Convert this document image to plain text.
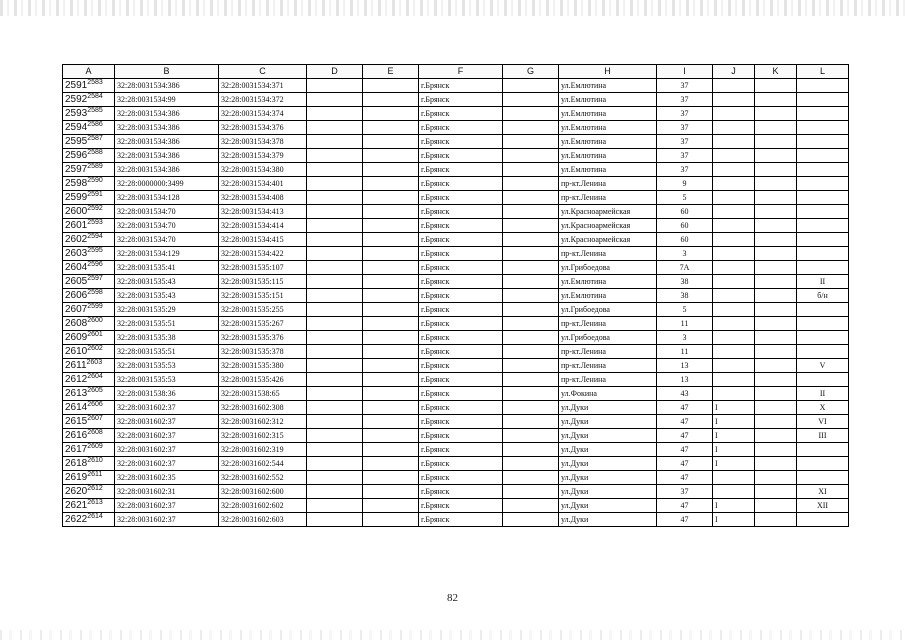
A	B	C	D	E	F	G	H	I	J	K	L
$2591^{2583}$	32:28:0031534:386	32:28:0031534:371			г.Брянск		ул.Емлютина	37			
$2592^{2584}$	32:28:0031534:99	32:28:0031534:372			г.Брянск		ул.Емлютина	37			
$2593^{2585}$	32:28:0031534:386	32:28:0031534:374			г.Брянск		ул.Емлютина	37			
$2594^{2586}$	32:28:0031534:386	32:28:0031534:376			г.Брянск		ул.Емлютина	37			
$2595^{2587}$	32:28:0031534:386	32:28:0031534:378			г.Брянск		ул.Емлютина	37			
$2596^{2588}$	32:28:0031534:386	32:28:0031534:379			г.Брянск		ул.Емлютина	37			
$2597^{2589}$	32:28:0031534:386	32:28:0031534:380			г.Брянск		ул.Емлютина	37			
$2598^{2590}$	32:28:0000000:3499	32:28:0031534:401			г.Брянск		пр-кт.Ленина	9			
$2599^{2591}$	32:28:0031534:128	32:28:0031534:408			г.Брянск		пр-кт.Ленина	5			
$2600^{2592}$	32:28:0031534:70	32:28:0031534:413			г.Брянск		ул.Красноармейская	60			
$2601^{2593}$	32:28:0031534:70	32:28:0031534:414			г.Брянск		ул.Красноармейская	60			
$2602^{2594}$	32:28:0031534:70	32:28:0031534:415			г.Брянск		ул.Красноармейская	60			
$2603^{2595}$	32:28:0031534:129	32:28:0031534:422			г.Брянск		пр-кт.Ленина	3			
$2604^{2596}$	32:28:0031535:41	32:28:0031535:107			г.Брянск		ул.Грибоедова	7А			
$2605^{2597}$	32:28:0031535:43	32:28:0031535:115			г.Брянск		ул.Емлютина	38			II
$2606^{2598}$	32:28:0031535:43	32:28:0031535:151			г.Брянск		ул.Емлютина	38			б/н
$2607^{2599}$	32:28:0031535:29	32:28:0031535:255			г.Брянск		ул.Грибоедова	5			
$2608^{2600}$	32:28:0031535:51	32:28:0031535:267			г.Брянск		пр-кт.Ленина	11			
$2609^{2601}$	32:28:0031535:38	32:28:0031535:376			г.Брянск		ул.Грибоедова	3			
$2610^{2602}$	32:28:0031535:51	32:28:0031535:378			г.Брянск		пр-кт.Ленина	11			
$2611^{2603}$	32:28:0031535:53	32:28:0031535:380			г.Брянск		пр-кт.Ленина	13			V
$2612^{2604}$	32:28:0031535:53	32:28:0031535:426			г.Брянск		пр-кт.Ленина	13			
$2613^{2605}$	32:28:0031538:36	32:28:0031538:65			г.Брянск		ул.Фокина	43			II
$2614^{2606}$	32:28:0031602:37	32:28:0031602:308			г.Брянск		ул.Дуки	47	I		X
$2615^{2607}$	32:28:0031602:37	32:28:0031602:312			г.Брянск		ул.Дуки	47	I		VI
$2616^{2608}$	32:28:0031602:37	32:28:0031602:315			г.Брянск		ул.Дуки	47	I		III
$2617^{2609}$	32:28:0031602:37	32:28:0031602:319			г.Брянск		ул.Дуки	47	I		
$2618^{2610}$	32:28:0031602:37	32:28:0031602:544			г.Брянск		ул.Дуки	47	I		
$2619^{2611}$	32:28:0031602:35	32:28:0031602:552			г.Брянск		ул.Дуки	47			
$2620^{2612}$	32:28:0031602:31	32:28:0031602:600			г.Брянск		ул.Дуки	37			XI
$2621^{2613}$	32:28:0031602:37	32:28:0031602:602			г.Брянск		ул.Дуки	47	I		XII
$2622^{2614}$	32:28:0031602:37	32:28:0031602:603			г.Брянск		ул.Дуки	47	I		
82
